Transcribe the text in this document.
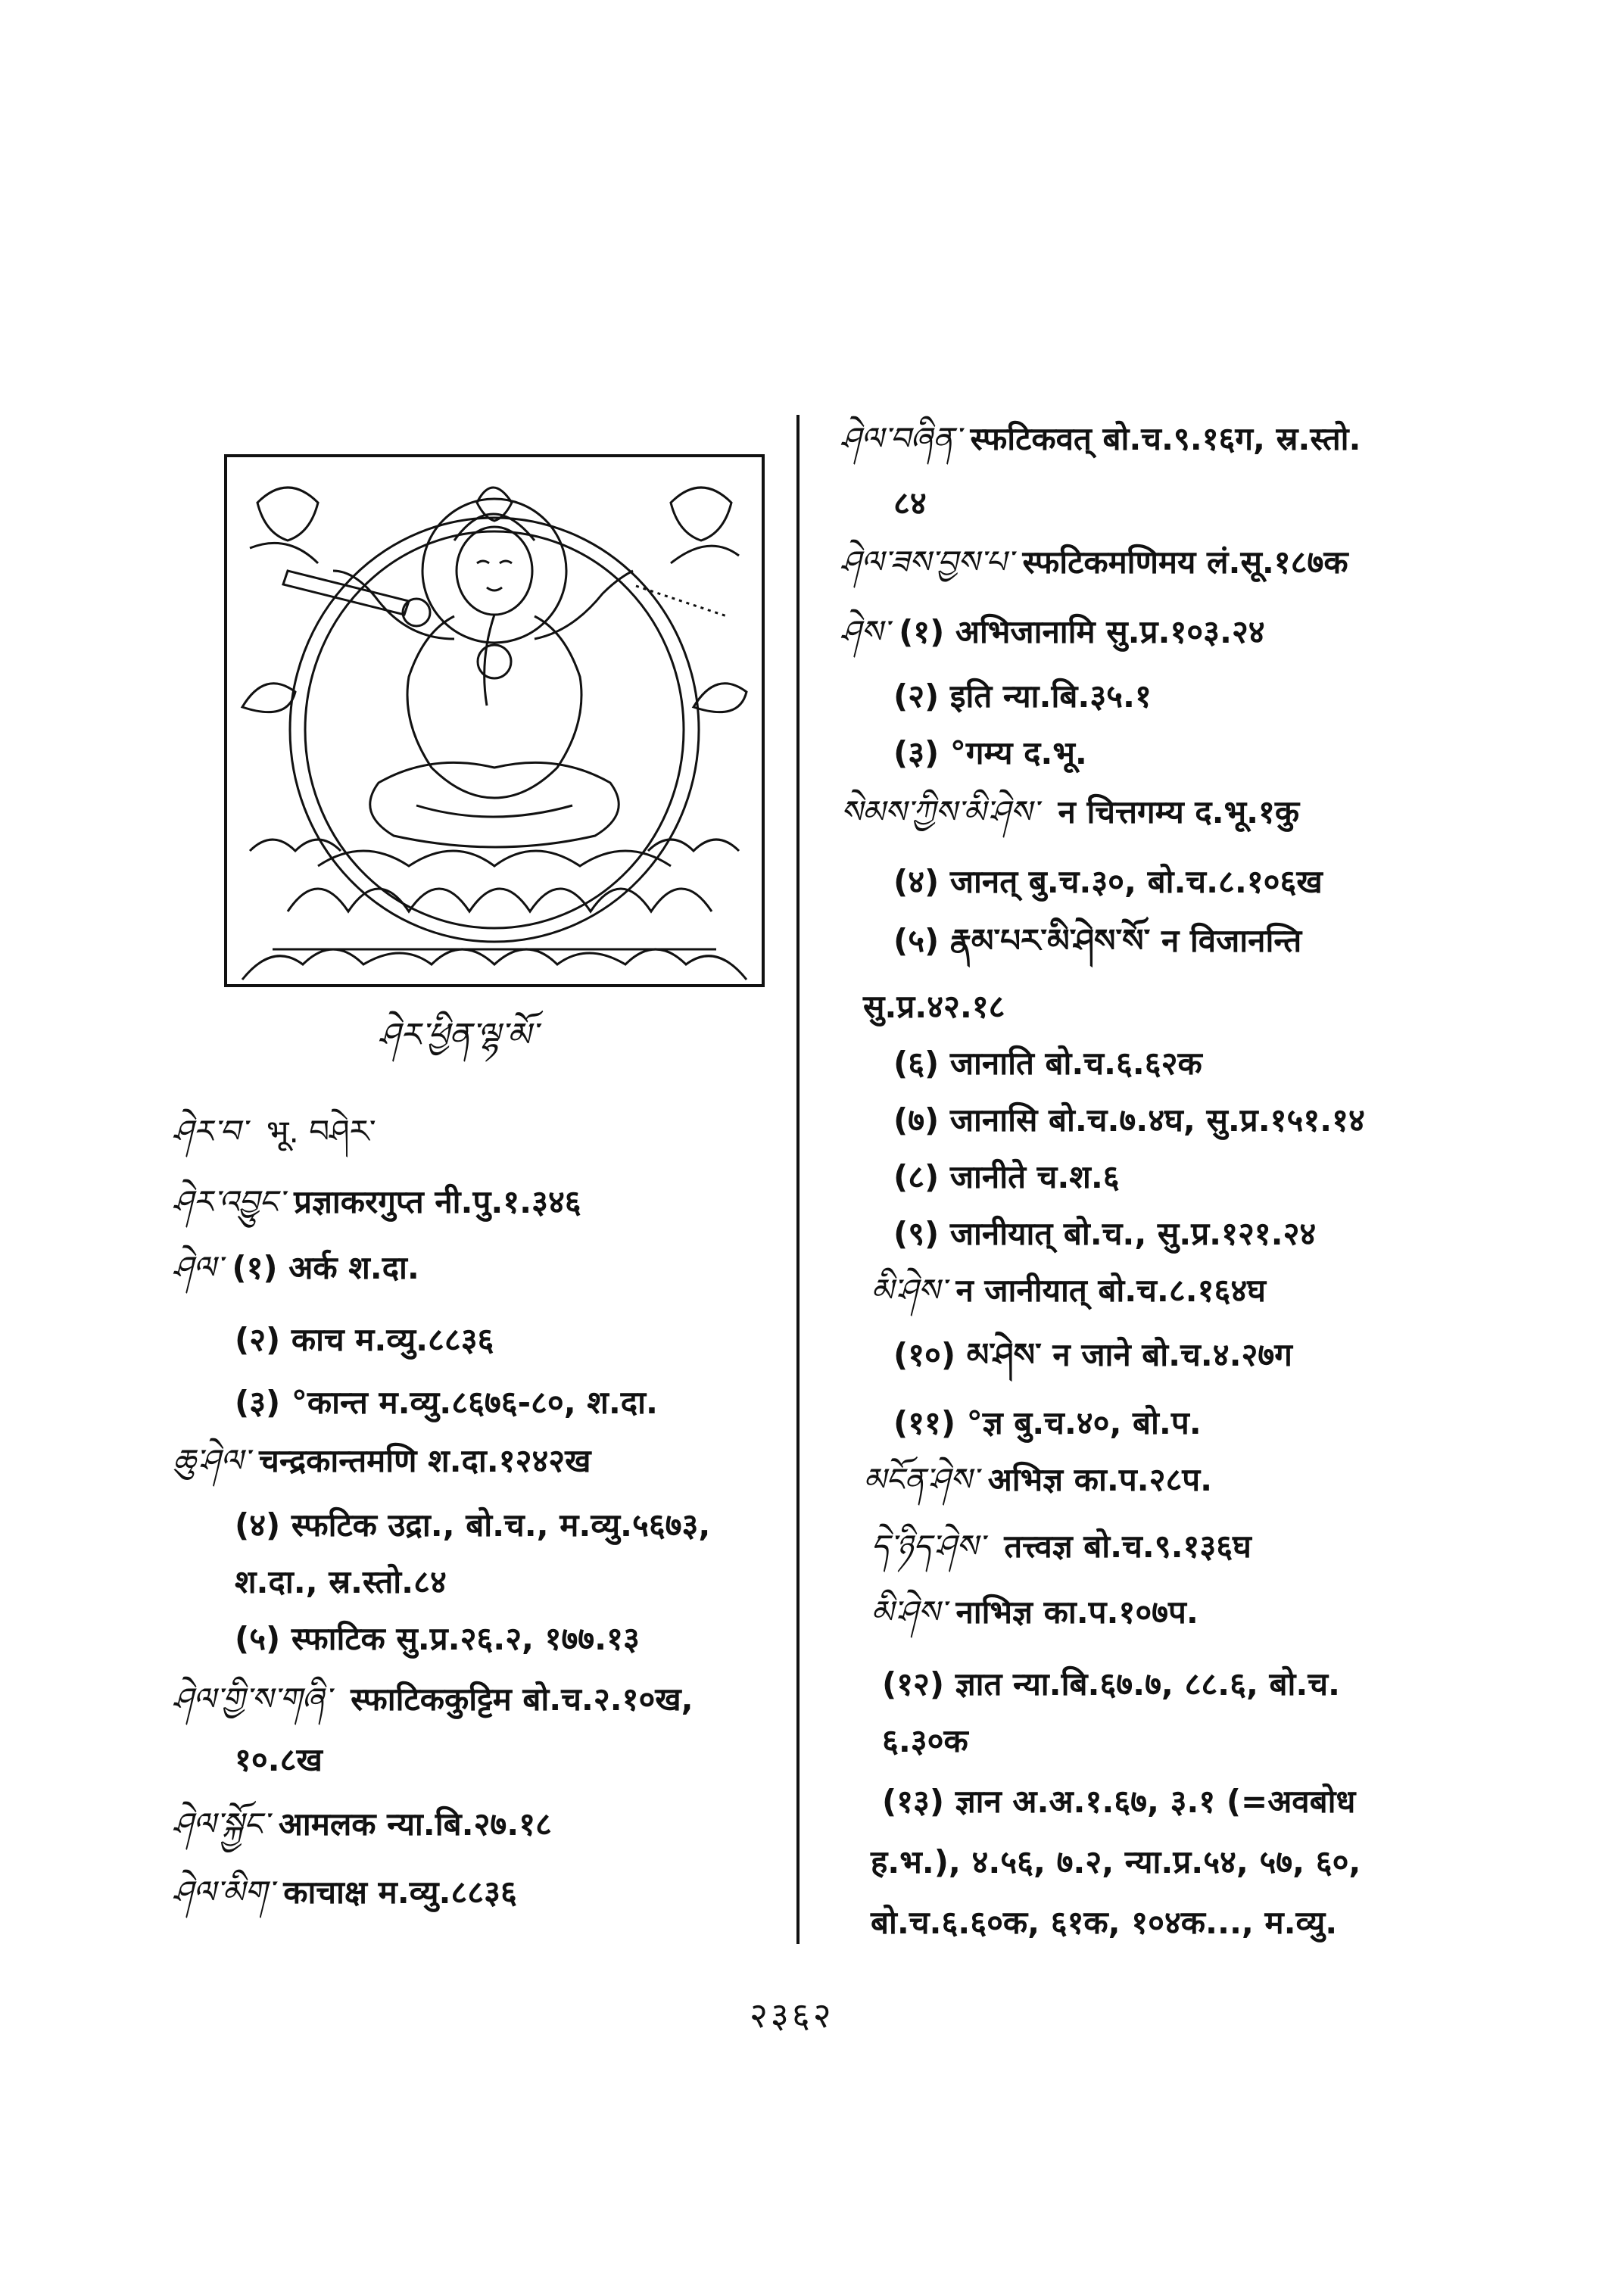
ཤེར་ཕྱིན་ལྷ་མོ་
ཤེར་བ་ भू. བཤེར་
ཤེར་འབྱུང་ प्रज्ञाकरगुप्त नी.पु.१.३४६
ཤེལ་ (१) अर्क श.दा.
(२) काच म.व्यु.८८३६
(३) °कान्त म.व्यु.८६७६-८०, श.दा.
ཆུ་ཤེལ་ चन्द्रकान्तमणि श.दा.१२४२ख
(४) स्फटिक उद्रा., बो.च., म.व्यु.५६७३,
श.दा., स्र.स्तो.८४
(५) स्फाटिक सु.प्र.२६.२, १७७.१३
ཤེལ་གྱི་ས་གཞི་ स्फाटिककुट्टिम बो.च.२.१०ख,
१०.८ख
ཤེལ་སྐྱོང་ आमलक न्या.बि.२७.१८
ཤེལ་མིག་ काचाक्ष म.व्यु.८८३६
ཤེལ་བཞིན་ स्फटिकवत् बो.च.९.१६ग, स्र.स्तो.
८४
ཤེལ་ཟས་བྱས་པ་ स्फटिकमणिमय लं.सू.१८७क
ཤེས་ (१) अभिजानामि सु.प्र.१०३.२४
(२) इति न्या.बि.३५.१
(३) °गम्य द.भू.
སེམས་ཀྱིས་མི་ཤེས་ न चित्तगम्य द.भू.१कु
(४) जानत् बु.च.३०, बो.च.८.१०६ख
(५) རྣམ་པར་མི་ཤེས་སོ་ न विजानन्ति
सु.प्र.४२.१८
(६) जानाति बो.च.६.६२क
(७) जानासि बो.च.७.४घ, सु.प्र.१५१.१४
(८) जानीते च.श.६
(९) जानीयात् बो.च., सु.प्र.१२१.२४
མི་ཤེས་ न जानीयात् बो.च.८.१६४घ
(१०) མ་ཤེས་ न जाने बो.च.४.२७ग
(११) °ज्ञ बु.च.४०, बो.प.
མངོན་ཤེས་ अभिज्ञ का.प.२८प.
དེ་ཉིད་ཤེས་ तत्त्वज्ञ बो.च.९.१३६घ
མི་ཤེས་ नाभिज्ञ का.प.१०७प.
(१२) ज्ञात न्या.बि.६७.७, ८८.६, बो.च.
६.३०क
(१३) ज्ञान अ.अ.१.६७, ३.१ (=अवबोध
ह.भ.), ४.५६, ७.२, न्या.प्र.५४, ५७, ६०,
बो.च.६.६०क, ६१क, १०४क..., म.व्यु.
२३६२
